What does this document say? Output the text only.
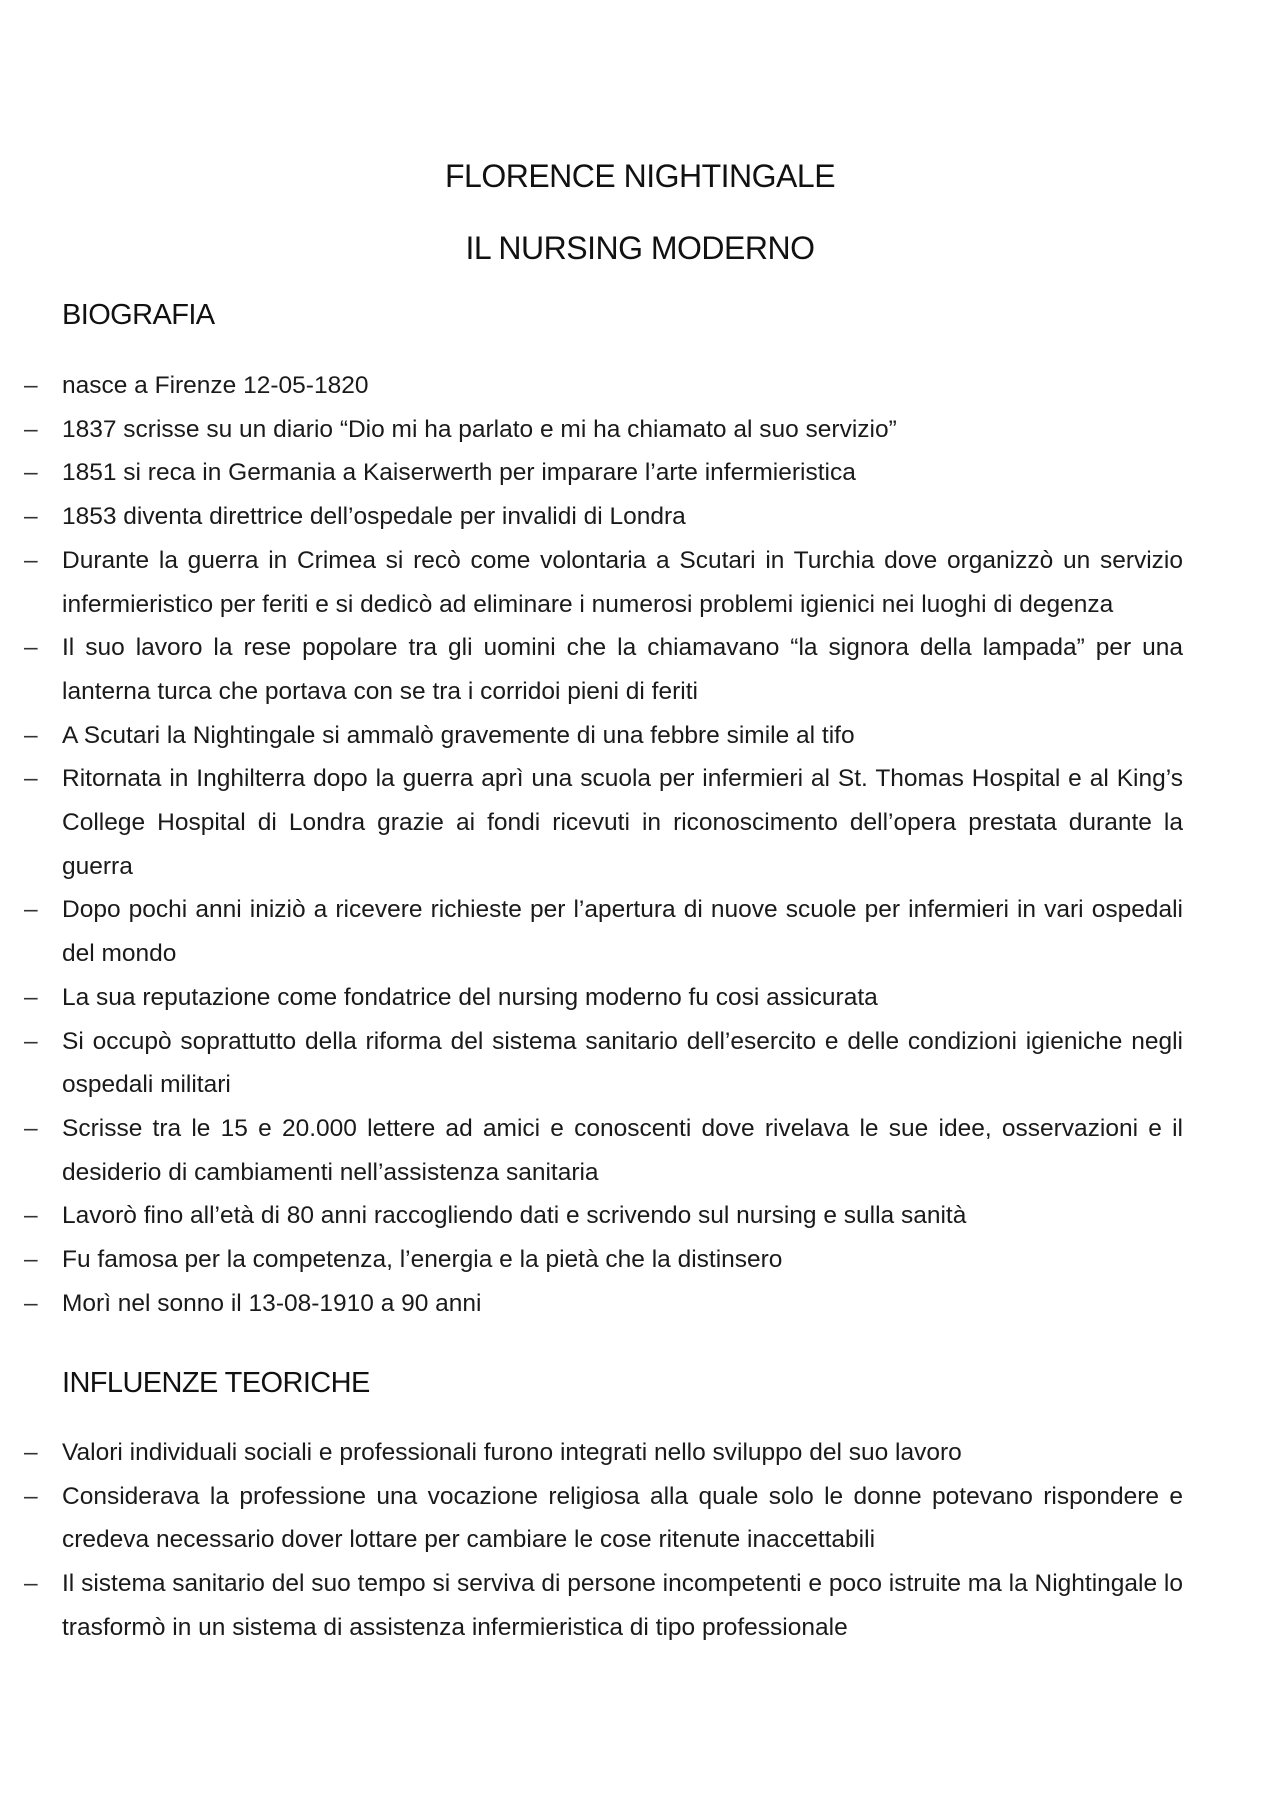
FLORENCE NIGHTINGALE
IL NURSING MODERNO
BIOGRAFIA
– nasce a Firenze 12-05-1820
– 1837 scrisse su un diario “Dio mi ha parlato e mi ha chiamato al suo servizio”
– 1851 si reca in Germania a Kaiserwerth per imparare l’arte infermieristica
– 1853 diventa direttrice dell’ospedale per invalidi di Londra
– Durante la guerra in Crimea si recò come volontaria a Scutari in Turchia dove organizzò un servizio infermieristico per feriti e si dedicò ad eliminare i numerosi problemi igienici nei luoghi di degenza
– Il suo lavoro la rese popolare tra gli uomini che la chiamavano “la signora della lampada” per una lanterna turca che portava con se tra i corridoi pieni di feriti
– A Scutari la Nightingale si ammalò gravemente di una febbre simile al tifo
– Ritornata in Inghilterra dopo la guerra aprì una scuola per infermieri al St. Thomas Hospital e al King’s College Hospital di Londra grazie ai fondi ricevuti in riconoscimento dell’opera prestata durante la guerra
– Dopo pochi anni iniziò a ricevere richieste per l’apertura di nuove scuole per infermieri in vari ospedali del mondo
– La sua reputazione come fondatrice del nursing moderno fu cosi assicurata
– Si occupò soprattutto della riforma del sistema sanitario dell’esercito e delle condizioni igieniche negli ospedali militari
– Scrisse tra le 15 e 20.000 lettere ad amici e conoscenti dove rivelava le sue idee, osservazioni e il desiderio di cambiamenti nell’assistenza sanitaria
– Lavorò fino all’età di 80 anni raccogliendo dati e scrivendo sul nursing e sulla sanità
– Fu famosa per la competenza, l’energia e la pietà che la distinsero
– Morì nel sonno il 13-08-1910 a 90 anni
INFLUENZE TEORICHE
– Valori individuali sociali e professionali furono integrati nello sviluppo del suo lavoro
– Considerava la professione una vocazione religiosa alla quale solo le donne potevano rispondere e credeva necessario dover lottare per cambiare le cose ritenute inaccettabili
– Il sistema sanitario del suo tempo si serviva di persone incompetenti e poco istruite ma la Nightingale lo trasformò in un sistema di assistenza infermieristica di tipo professionale
